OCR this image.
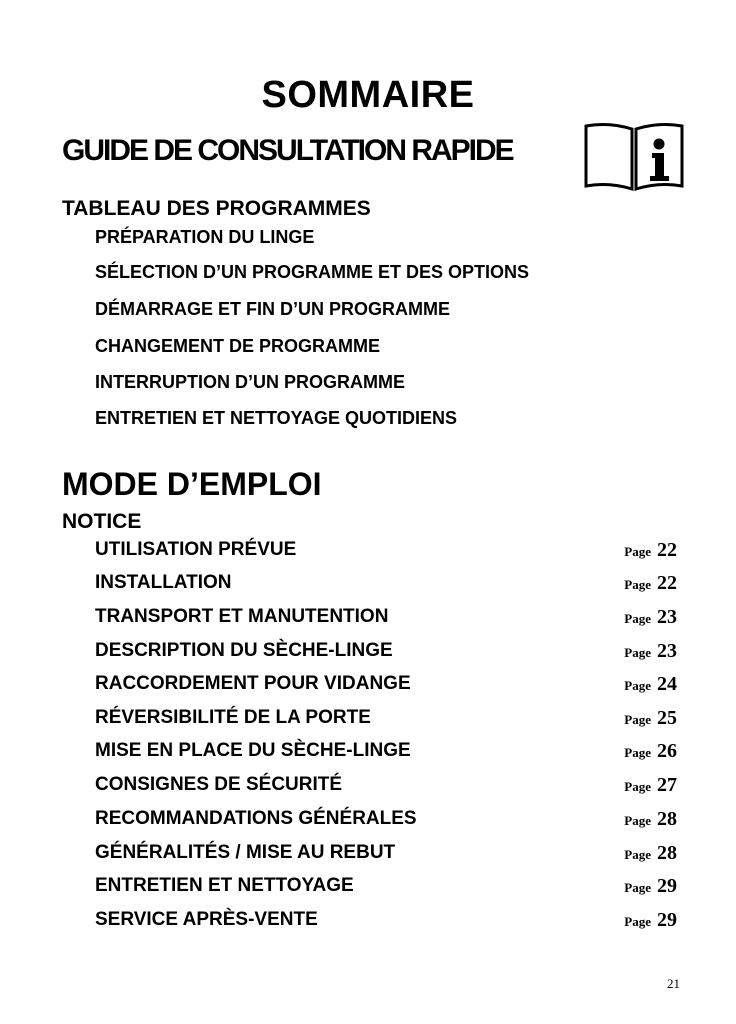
SOMMAIRE
GUIDE DE CONSULTATION RAPIDE
TABLEAU DES PROGRAMMES
PRÉPARATION DU LINGE
SÉLECTION D’UN PROGRAMME ET DES OPTIONS
DÉMARRAGE ET FIN D’UN PROGRAMME
CHANGEMENT DE PROGRAMME
INTERRUPTION D’UN PROGRAMME
ENTRETIEN ET NETTOYAGE QUOTIDIENS
MODE D’EMPLOI
NOTICE
UTILISATION PRÉVUE	Page 22
INSTALLATION	Page 22
TRANSPORT ET MANUTENTION	Page 23
DESCRIPTION DU SÈCHE-LINGE	Page 23
RACCORDEMENT POUR VIDANGE	Page 24
RÉVERSIBILITÉ DE LA PORTE	Page 25
MISE EN PLACE DU SÈCHE-LINGE	Page 26
CONSIGNES DE SÉCURITÉ	Page 27
RECOMMANDATIONS GÉNÉRALES	Page 28
GÉNÉRALITÉS / MISE AU REBUT	Page 28
ENTRETIEN ET NETTOYAGE	Page 29
SERVICE APRÈS-VENTE	Page 29
21
